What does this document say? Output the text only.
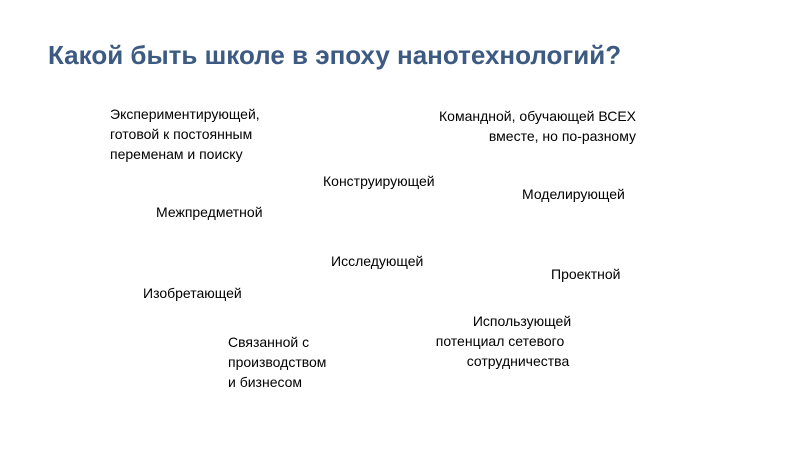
Какой быть школе в эпоху нанотехнологий?
Экспериментирующей,
готовой к постоянным
переменам и поиску
Командной, обучающей ВСЕХ
вместе, но по-разному
Конструирующей
Моделирующей
Межпредметной
Исследующей
Проектной
Изобретающей
Связанной с
производством
и бизнесом
Использующей
потенциал сетевого
сотрудничества
